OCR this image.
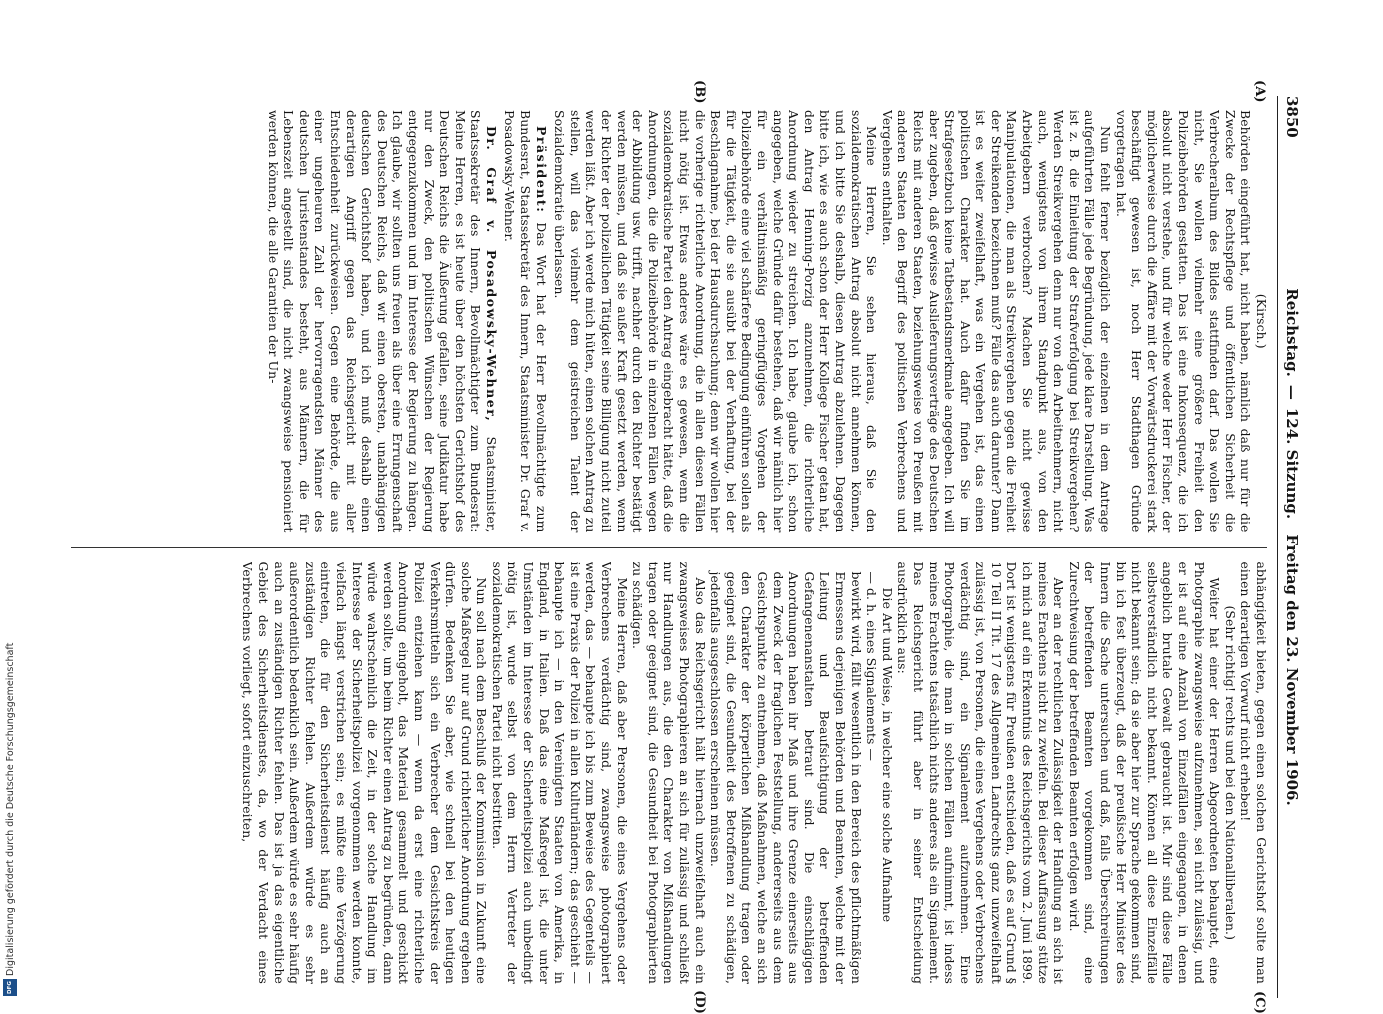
Digitalisierung gefördert durch die Deutsche Forschungsgemeinschaft
DFG
3850
Reichstag.—124. Sitzung. Freitag den 23. November 1906.
(A)
(B)

(Kirsch.)

Behörden eingeführt hat, nicht haben, nämlich daß nur für die Zwecke der Rechtspflege und öffentlichen Sicherheit die Verbrecheralbum des Bildes stattfinden darf. Das wollen Sie nicht, Sie wollen vielmehr eine größere Freiheit den Polizeibehörden gestatten. Das ist eine Inkonsequenz, die ich absolut nicht verstehe, und für welche weder Herr Fischer, der möglicherweise durch die Affäre mit der Vorwärtsdruckerei stark beschäftigt gewesen ist, noch Herr Stadthagen Gründe vorgetragen hat.

Nun fehlt ferner bezüglich der einzelnen in dem Antrage aufgeführten Fälle jede Begründung, jede klare Darstellung. Was ist z. B. die Einleitung der Strafverfolgung bei Streikvergehen? Werden Streikvergehen denn nur von den Arbeitnehmern, nicht auch, wenigstens von ihrem Standpunkt aus, von den Arbeitgebern verbrochen? Machen Sie nicht gewisse Manipulationen, die man als Streikvergehen gegen die Freiheit der Streikenden bezeichnen muß? Fälle das auch darunter? Dann ist es weiter zweifelhaft, was ein Vergehen ist, das einen politischen Charakter hat. Auch dafür finden Sie im Strafgesetzbuch keine Tatbestandsmerkmale angegeben. Ich will aber zugeben, daß gewisse Auslieferungsverträge des Deutschen Reichs mit anderen Staaten, beziehungsweise von Preußen mit anderen Staaten den Begriff des politischen Verbrechens und Vergehens enthalten.

Meine Herren, Sie sehen hieraus, daß Sie den sozialdemokratischen Antrag absolut nicht annehmen können, und ich bitte Sie deshalb, diesen Antrag abzulehnen. Dagegen bitte ich, wie es auch schon der Herr Kollege Fischer getan hat, den Antrag Henning-Porzig anzunehmen, die richterliche Anordnung wieder zu streichen. Ich habe, glaube ich, schon angegeben, welche Gründe dafür bestehen, daß wir nämlich hier für ein verhältnismäßig geringfügiges Vorgehen der Polizeibehörde eine viel schärfere Bedingung einführen sollen als für die Tätigkeit, die sie ausübt bei der Verhaftung, bei der Beschlagnahme, bei der Hausdurchsuchung; denn wir wollen hier die vorherige richterliche Anordnung, die in allen diesen Fällen nicht nötig ist. Etwas anderes wäre es gewesen, wenn die sozialdemokratische Partei den Antrag eingebracht hätte, daß die Anordnungen, die die Polizeibehörde in einzelnen Fällen wegen der Abbildung usw. trifft, nachher durch den Richter bestätigt werden müssen, und daß sie außer Kraft gesetzt werden, wenn der Richter der polizeilichen Tätigkeit seine Billigung nicht zuteil werden läßt. Aber ich werde mich hüten, einen solchen Antrag zu stellen, will das vielmehr dem geistreichen Talent der Sozialdemokratie überlassen.

Präsident: Das Wort hat der Herr Bevollmächtigte zum Bundesrat, Staatssekretär des Innern, Staatsminister Dr. Graf v. Posadowsky-Wehner.

Dr. Graf v. Posadowsky-Wehner, Staatsminister, Staatssekretär des Innern, Bevollmächtigter zum Bundesrat: Meine Herren, es ist heute über den höchsten Gerichtshof des Deutschen Reichs die Äußerung gefallen, seine Judikatur habe nur den Zweck, den politischen Wünschen der Regierung entgegenzukommen und im Interesse der Regierung zu hängen. Ich glaube, wir sollten uns freuen als über eine Errungenschaft des Deutschen Reichs, daß wir einen obersten, unabhängigen deutschen Gerichtshof haben, und ich muß deshalb einen derartigen Angriff gegen das Reichsgericht mit aller Entschiedenheit zurückweisen. Gegen eine Behörde, die aus einer ungeheuren Zahl der hervorragendsten Männer des deutschen Juristenstandes besteht, aus Männern, die für Lebenszeit angestellt sind, die nicht zwangsweise pensioniert werden können, die alle Garantien der Un-

(C)
(D)

abhängigkeit bieten, gegen einen solchen Gerichtshof sollte man einen derartigen Vorwurf nicht erheben!

(Sehr richtig! rechts und bei den Nationalliberalen.)

Weiter hat einer der Herren Abgeordneten behauptet, eine Photographie zwangsweise aufzunehmen, sei nicht zulässig, und er ist auf eine Anzahl von Einzelfällen eingegangen, in denen angeblich brutale Gewalt gebraucht ist. Mir sind diese Fälle selbstverständlich nicht bekannt. Können all diese Einzelfälle nicht bekannt sein; da sie aber hier zur Sprache gekommen sind, bin ich fest überzeugt, daß der preußische Herr Minister des Innern die Sache untersuchen und daß, falls Überschreitungen der betreffenden Beamten vorgekommen sind, eine Zurechtweisung der betreffenden Beamten erfolgen wird.

Aber an der rechtlichen Zulässigkeit der Handlung an sich ist meines Erachtens nicht zu zweifeln. Bei dieser Auffassung stütze ich mich auf ein Erkenntnis des Reichsgerichts vom 2. Juni 1899. Dort ist wenigstens für Preußen entschieden, daß es auf Grund § 10 Teil II Tit. 17 des Allgemeinen Landrechts ganz unzweifelhaft zulässig ist, von Personen, die eines Vergehens oder Verbrechens verdächtig sind, ein Signalement aufzunehmen. Eine Photographie, die man in solchen Fällen aufnimmt, ist indess meines Erachtens tatsächlich nichts anderes als ein Signalement. Das Reichsgericht führt aber in seiner Entscheidung ausdrücklich aus:

Die Art und Weise, in welcher eine solche Aufnahme

— d. h. eines Signalements —

bewirkt wird, fällt wesentlich in den Bereich des pflichtmäßigen Ermessens derjenigen Behörden und Beamten, welche mit der Leitung und Beaufsichtigung der betreffenden Gefangenenanstalten betraut sind. Die einschlägigen Anordnungen haben ihr Maß und ihre Grenze einerseits aus dem Zweck der fraglichen Feststellung, andererseits aus dem Gesichtspunkte zu entnehmen, daß Maßnahmen, welche an sich den Charakter der körperlichen Mißhandlung tragen oder geeignet sind, die Gesundheit des Betroffenen zu schädigen, jedenfalls ausgeschlossen erscheinen müssen.

Also das Reichsgericht hält hiernach unzweifelhaft auch ein zwangsweises Photographieren an sich für zulässig und schließt nur Handlungen aus, die den Charakter von Mißhandlungen tragen oder geeignet sind, die Gesundheit bei Photographierten zu schädigen.

Meine Herren, daß aber Personen, die eines Vergehens oder Verbrechens verdächtig sind, zwangsweise photographiert werden, das — behaupte ich bis zum Beweise des Gegenteils — ist eine Praxis der Polizei in allen Kulturländern; das geschieht — behaupte ich — in den Vereinigten Staaten von Amerika, in England, in Italien. Daß das eine Maßregel ist, die unter Umständen im Interesse der Sicherheitspolizei auch unbedingt nötig ist, wurde selbst von dem Herrn Vertreter der sozialdemokratischen Partei nicht bestritten.

Nun soll nach dem Beschluß der Kommission in Zukunft eine solche Maßregel nur auf Grund richterlicher Anordnung ergehen dürfen. Bedenken Sie aber, wie schnell bei den heutigen Verkehrsmitteln sich ein Verbrecher dem Gesichtskreis der Polizei entziehen kann — wenn da erst eine richterliche Anordnung eingeholt, das Material gesammelt und geschickt werden sollte, um beim Richter einen Antrag zu begründen, dann würde wahrscheinlich die Zeit, in der solche Handlung im Interesse der Sicherheitspolizei vorgenommen werden konnte, vielfach längst verstrichen sein; es müßte eine Verzögerung eintreten, die für den Sicherheitsdienst häufig auch an zuständigen Richter fehlen. Außerdem würde es sehr außerordentlich bedenklich sein. Außerdem würde es sehr häufig auch an zuständigen Richter fehlen. Das ist ja das eigentliche Gebiet des Sicherheitsdienstes, da, wo der Verdacht eines Verbrechens vorliegt, sofort einzuschreiten,
